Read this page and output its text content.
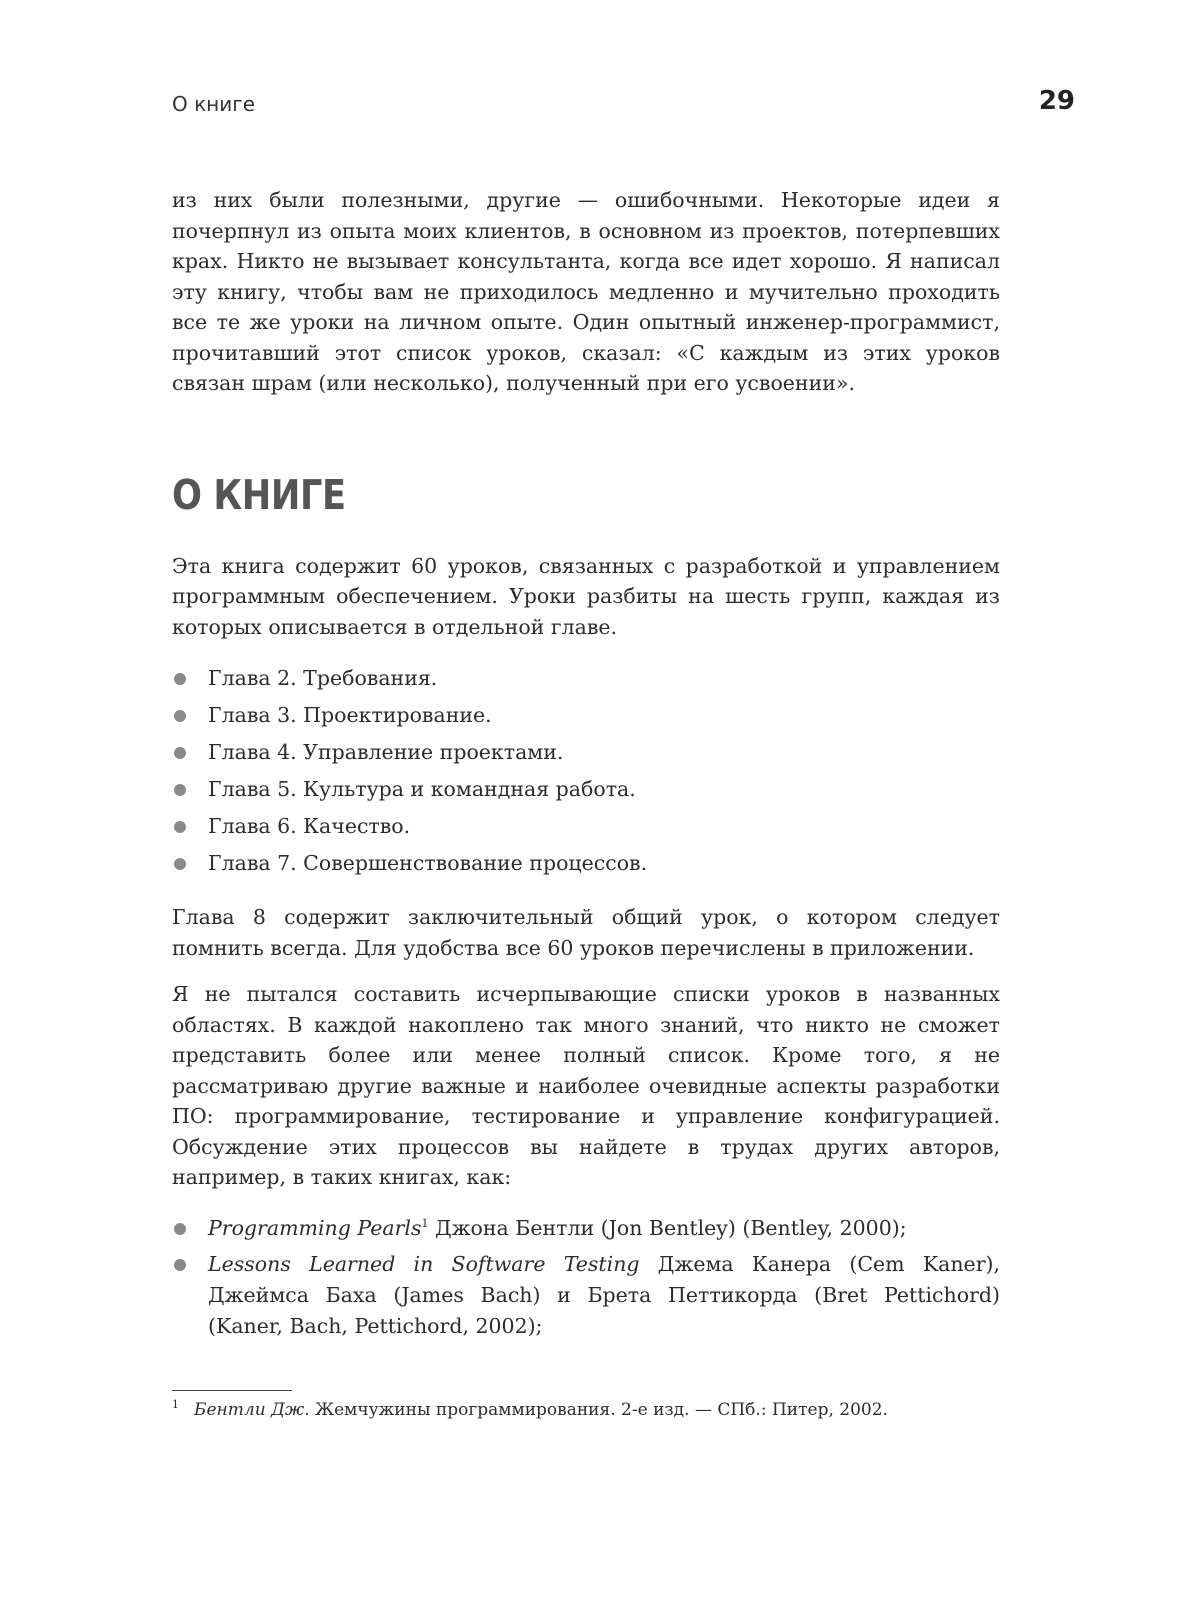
О книге	29

из них были полезными, другие — ошибочными. Некоторые идеи я почерпнул из опыта моих клиентов, в основном из проектов, потерпевших крах. Никто не вызывает консультанта, когда все идет хорошо. Я написал эту книгу, чтобы вам не приходилось медленно и мучительно проходить все те же уроки на личном опыте. Один опытный инженер-программист, прочитавший этот список уроков, сказал: «С каждым из этих уроков связан шрам (или несколько), полученный при его усвоении».

О КНИГЕ

Эта книга содержит 60 уроков, связанных с разработкой и управлением программным обеспечением. Уроки разбиты на шесть групп, каждая из которых описывается в отдельной главе.

Глава 2. Требования.
Глава 3. Проектирование.
Глава 4. Управление проектами.
Глава 5. Культура и командная работа.
Глава 6. Качество.
Глава 7. Совершенствование процессов.

Глава 8 содержит заключительный общий урок, о котором следует помнить всегда. Для удобства все 60 уроков перечислены в приложении.

Я не пытался составить исчерпывающие списки уроков в названных областях. В каждой накоплено так много знаний, что никто не сможет представить более или менее полный список. Кроме того, я не рассматриваю другие важные и наиболее очевидные аспекты разработки ПО: программирование, тестирование и управление конфигурацией. Обсуждение этих процессов вы найдете в трудах других авторов, например, в таких книгах, как:

Programming Pearls$^1$ Джона Бентли (Jon Bentley) (Bentley, 2000);
Lessons Learned in Software Testing Джема Канера (Cem Kaner), Джеймса Баха (James Bach) и Брета Петтикорда (Bret Pettichord) (Kaner, Bach, Pettichord, 2002);
1 Бентли Дж. Жемчужины программирования. 2-е изд. — СПб.: Питер, 2002.
